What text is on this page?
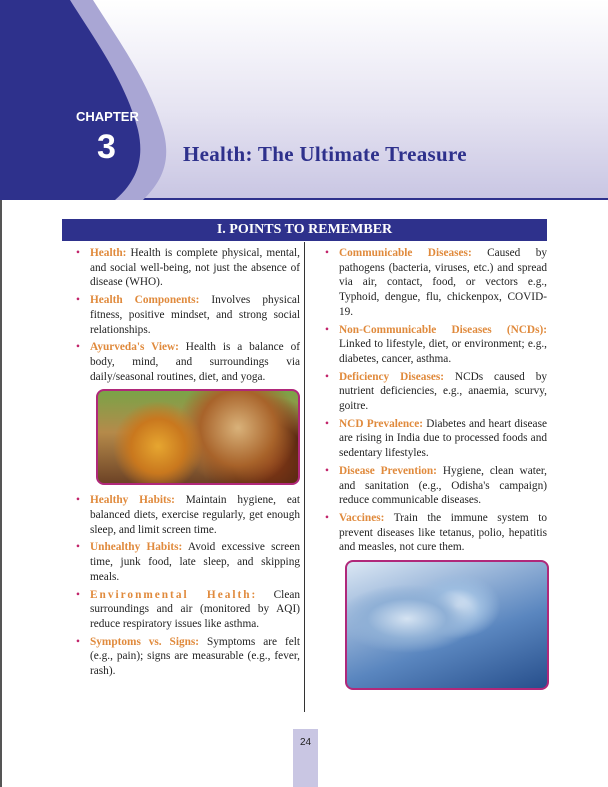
CHAPTER
3	Health: The Ultimate Treasure
I. POINTS TO REMEMBER
• Health: Health is complete physical, mental, and social well-being, not just the absence of disease (WHO).
• Health Components: Involves physical fitness, positive mindset, and strong social relationships.
• Ayurveda's View: Health is a balance of body, mind, and surroundings via daily/seasonal routines, diet, and yoga.
• Healthy Habits: Maintain hygiene, eat balanced diets, exercise regularly, get enough sleep, and limit screen time.
• Unhealthy Habits: Avoid excessive screen time, junk food, late sleep, and skipping meals.
• Environmental Health: Clean surroundings and air (monitored by AQI) reduce respiratory issues like asthma.
• Symptoms vs. Signs: Symptoms are felt (e.g., pain); signs are measurable (e.g., fever, rash).
• Communicable Diseases: Caused by pathogens (bacteria, viruses, etc.) and spread via air, contact, food, or vectors e.g., Typhoid, dengue, flu, chickenpox, COVID-19.
• Non-Communicable Diseases (NCDs): Linked to lifestyle, diet, or environment; e.g., diabetes, cancer, asthma.
• Deficiency Diseases: NCDs caused by nutrient deficiencies, e.g., anaemia, scurvy, goitre.
• NCD Prevalence: Diabetes and heart disease are rising in India due to processed foods and sedentary lifestyles.
• Disease Prevention: Hygiene, clean water, and sanitation (e.g., Odisha's campaign) reduce communicable diseases.
• Vaccines: Train the immune system to prevent diseases like tetanus, polio, hepatitis and measles, not cure them.
24
